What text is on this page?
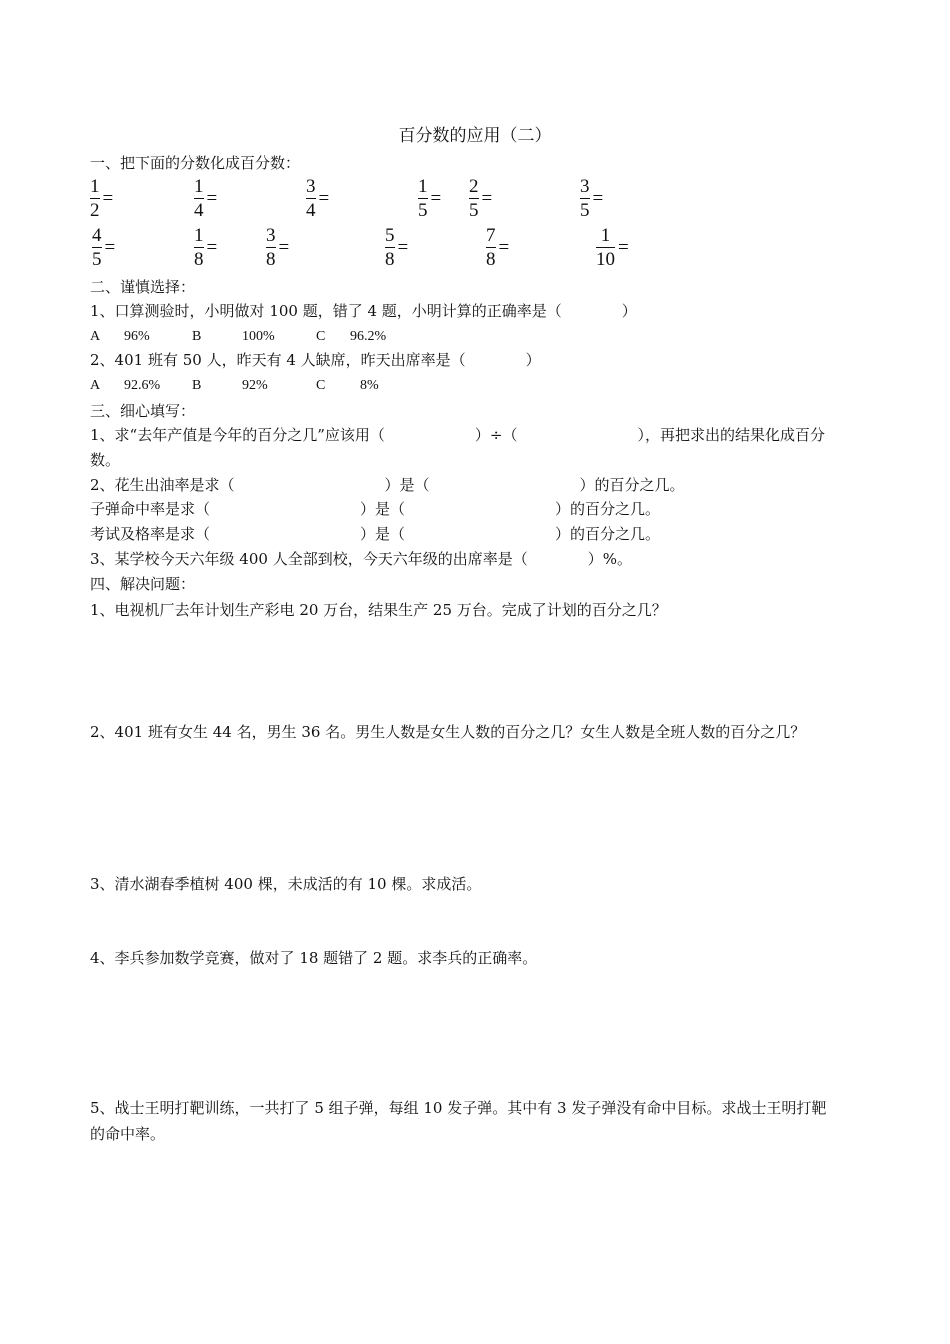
百分数的应用（二）
一、把下面的分数化成百分数：
1
2
=
1
4
=
3
4
=
1
5
=
2
5
=
3
5
=
4
5
=
1
8
=
3
8
=
5
8
=
7
8
=
1
10
=
二、谨慎选择：
1、口算测验时，小明做对 100 题，错了 4 题，小明计算的正确率是（　　　　）
A 96%	B	100%	C 96.2%
2、401 班有 50 人，昨天有 4 人缺席，昨天出席率是（　　　　）
A 92.6% B	92%	C 8%
三、细心填写：
1、求“去年产值是今年的百分之几”应该用（　　　　　　）÷（　　　　　　　　），再把求出的结果化成百分
数。
2、花生出油率是求（　　　　　　　　　　）是（　　　　　　　　　　）的百分之几。
子弹命中率是求（　　　　　　　　　　）是（　　　　　　　　　　）的百分之几。
考试及格率是求（　　　　　　　　　　）是（　　　　　　　　　　）的百分之几。
3、某学校今天六年级 400 人全部到校，今天六年级的出席率是（　　　　）%。
四、解决问题：
1、电视机厂去年计划生产彩电 20 万台，结果生产 25 万台。完成了计划的百分之几？
2、401 班有女生 44 名，男生 36 名。男生人数是女生人数的百分之几？女生人数是全班人数的百分之几？
3、清水湖春季植树 400 棵，未成活的有 10 棵。求成活。
4、李兵参加数学竞赛，做对了 18 题错了 2 题。求李兵的正确率。
5、战士王明打靶训练，一共打了 5 组子弹，每组 10 发子弹。其中有 3 发子弹没有命中目标。求战士王明打靶
的命中率。
